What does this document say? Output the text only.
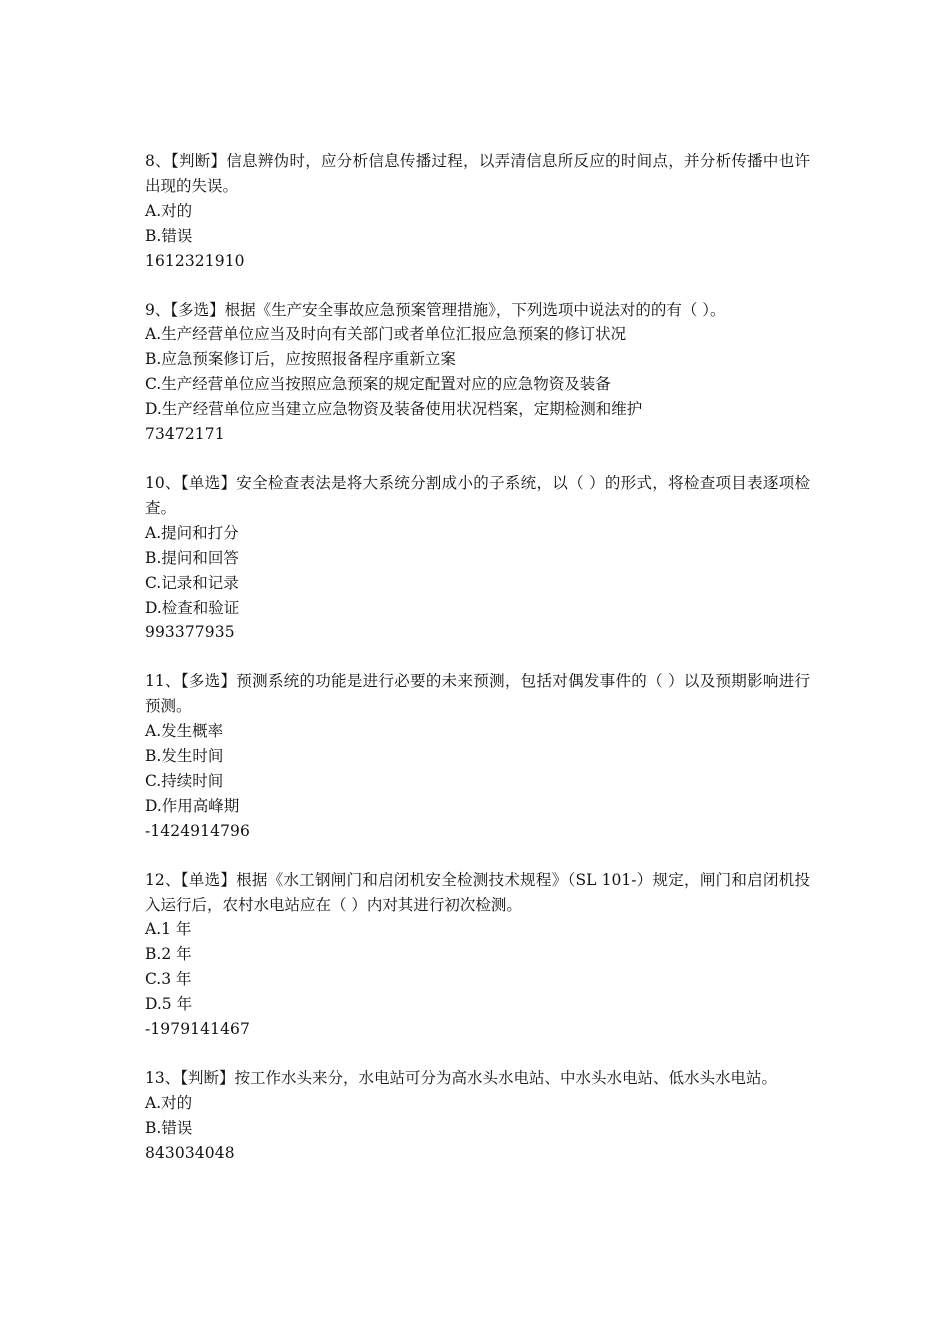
8、【判断】信息辨伪时，应分析信息传播过程，以弄清信息所反应的时间点，并分析传播中也许出现的失误。
A.对的
B.错误
1612321910
9、【多选】根据《生产安全事故应急预案管理措施》，下列选项中说法对的的有（ ）。
A.生产经营单位应当及时向有关部门或者单位汇报应急预案的修订状况
B.应急预案修订后，应按照报备程序重新立案
C.生产经营单位应当按照应急预案的规定配置对应的应急物资及装备
D.生产经营单位应当建立应急物资及装备使用状况档案，定期检测和维护
73472171
10、【单选】安全检查表法是将大系统分割成小的子系统，以（ ）的形式，将检查项目表逐项检查。
A.提问和打分
B.提问和回答
C.记录和记录
D.检查和验证
993377935
11、【多选】预测系统的功能是进行必要的未来预测，包括对偶发事件的（ ）以及预期影响进行预测。
A.发生概率
B.发生时间
C.持续时间
D.作用高峰期
-1424914796
12、【单选】根据《水工钢闸门和启闭机安全检测技术规程》（SL 101-）规定，闸门和启闭机投入运行后，农村水电站应在（ ）内对其进行初次检测。
A.1 年
B.2 年
C.3 年
D.5 年
-1979141467
13、【判断】按工作水头来分，水电站可分为高水头水电站、中水头水电站、低水头水电站。
A.对的
B.错误
843034048
